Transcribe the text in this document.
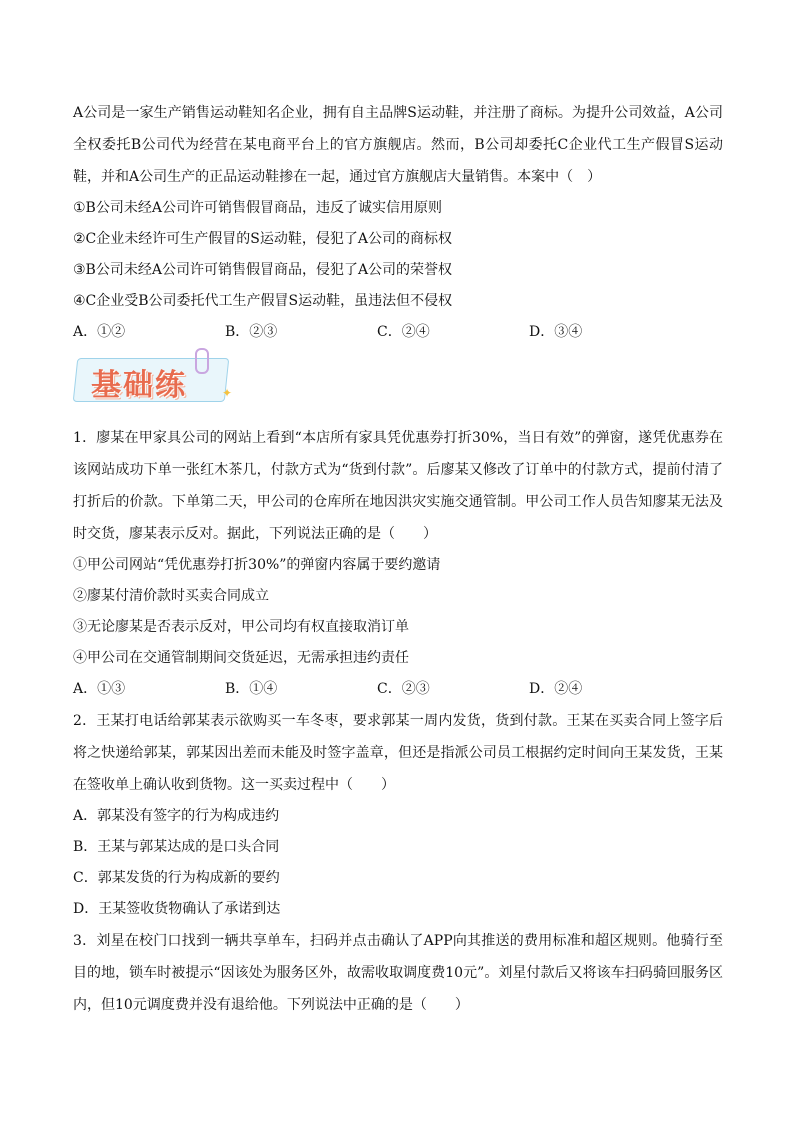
A公司是一家生产销售运动鞋知名企业，拥有自主品牌S运动鞋，并注册了商标。为提升公司效益，A公司全权委托B公司代为经营在某电商平台上的官方旗舰店。然而，B公司却委托C企业代工生产假冒S运动鞋，并和A公司生产的正品运动鞋掺在一起，通过官方旗舰店大量销售。本案中（　）

①B公司未经A公司许可销售假冒商品，违反了诚实信用原则

②C企业未经许可生产假冒的S运动鞋，侵犯了A公司的商标权

③B公司未经A公司许可销售假冒商品，侵犯了A公司的荣誉权

④C企业受B公司委托代工生产假冒S运动鞋，虽违法但不侵权

A．①②	B．②③	C．②④	D．③④
基础练	✦

1．廖某在甲家具公司的网站上看到“本店所有家具凭优惠券打折30%，当日有效”的弹窗，遂凭优惠券在该网站成功下单一张红木茶几，付款方式为“货到付款”。后廖某又修改了订单中的付款方式，提前付清了打折后的价款。下单第二天，甲公司的仓库所在地因洪灾实施交通管制。甲公司工作人员告知廖某无法及时交货，廖某表示反对。据此，下列说法正确的是（　　）

①甲公司网站“凭优惠券打折30%”的弹窗内容属于要约邀请

②廖某付清价款时买卖合同成立

③无论廖某是否表示反对，甲公司均有权直接取消订单

④甲公司在交通管制期间交货延迟，无需承担违约责任

A．①③	B．①④	C．②③	D．②④

2．王某打电话给郭某表示欲购买一车冬枣，要求郭某一周内发货，货到付款。王某在买卖合同上签字后将之快递给郭某，郭某因出差而未能及时签字盖章，但还是指派公司员工根据约定时间向王某发货，王某在签收单上确认收到货物。这一买卖过程中（　　）

A．郭某没有签字的行为构成违约

B．王某与郭某达成的是口头合同

C．郭某发货的行为构成新的要约

D．王某签收货物确认了承诺到达

3．刘星在校门口找到一辆共享单车，扫码并点击确认了APP向其推送的费用标准和超区规则。他骑行至目的地，锁车时被提示“因该处为服务区外，故需收取调度费10元”。刘星付款后又将该车扫码骑回服务区内，但10元调度费并没有退给他。下列说法中正确的是（　　）
